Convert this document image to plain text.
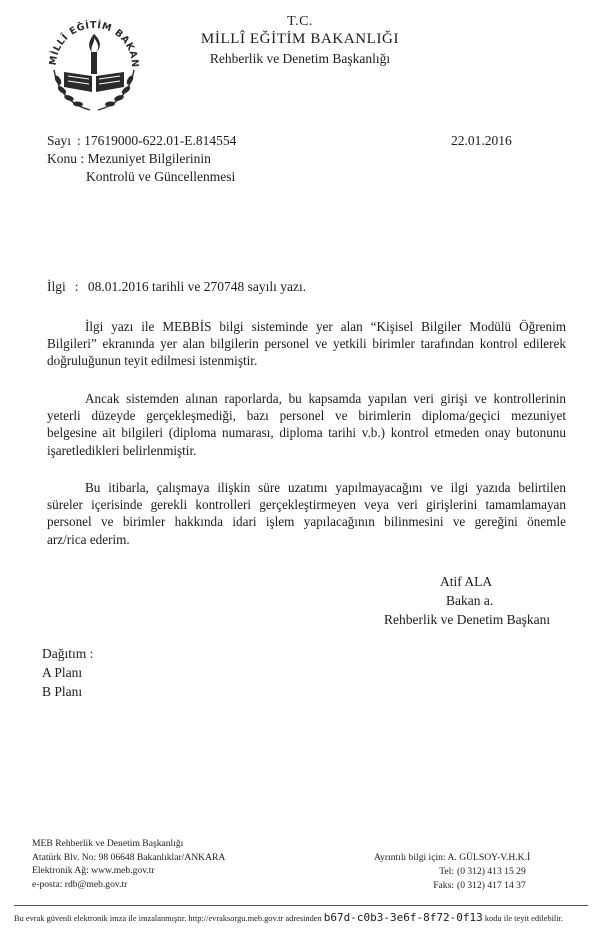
MİLLÎ EĞİTİM BAKAN
T.C.
MİLLÎ EĞİTİM BAKANLIĞI
Rehberlik ve Denetim Başkanlığı
Sayı : 17619000-622.01-E.814554	22.01.2016
Konu : Mezuniyet Bilgilerinin
Kontrolü ve Güncellenmesi
İlgi : 08.01.2016 tarihli ve 270748 sayılı yazı.
İlgi yazı ile MEBBİS bilgi sisteminde yer alan “Kişisel Bilgiler Modülü Öğrenim
Bilgileri” ekranında yer alan bilgilerin personel ve yetkili birimler tarafından kontrol edilerek
doğruluğunun teyit edilmesi istenmiştir.
Ancak sistemden alınan raporlarda, bu kapsamda yapılan veri girişi ve kontrollerinin
yeterli düzeyde gerçekleşmediği, bazı personel ve birimlerin diploma/geçici mezuniyet
belgesine ait bilgileri (diploma numarası, diploma tarihi v.b.) kontrol etmeden onay butonunu
işaretledikleri belirlenmiştir.
Bu itibarla, çalışmaya ilişkin süre uzatımı yapılmayacağını ve ilgi yazıda belirtilen
süreler içerisinde gerekli kontrolleri gerçekleştirmeyen veya veri girişlerini tamamlamayan
personel ve birimler hakkında idari işlem yapılacağının bilinmesini ve gereğini önemle
arz/rica ederim.
Atif ALA
Bakan a.
Rehberlik ve Denetim Başkanı
Dağıtım :
A Planı
B Planı
MEB Rehberlik ve Denetim Başkanlığı
Atatürk Blv. No: 98 06648 Bakanlıklar/ANKARA
Elektronik Ağ: www.meb.gov.tr
e-posta: rdb@meb.gov.tr
Ayrıntılı bilgi için: A. GÜLSOY-V.H.K.İ
Tel: (0 312) 413 15 29
Faks: (0 312) 417 14 37
Bu evrak güvenli elektronik imza ile imzalanmıştır. http://evraksorgu.meb.gov.tr adresinden b67d-c0b3-3e6f-8f72-0f13 kodu ile teyit edilebilir.
